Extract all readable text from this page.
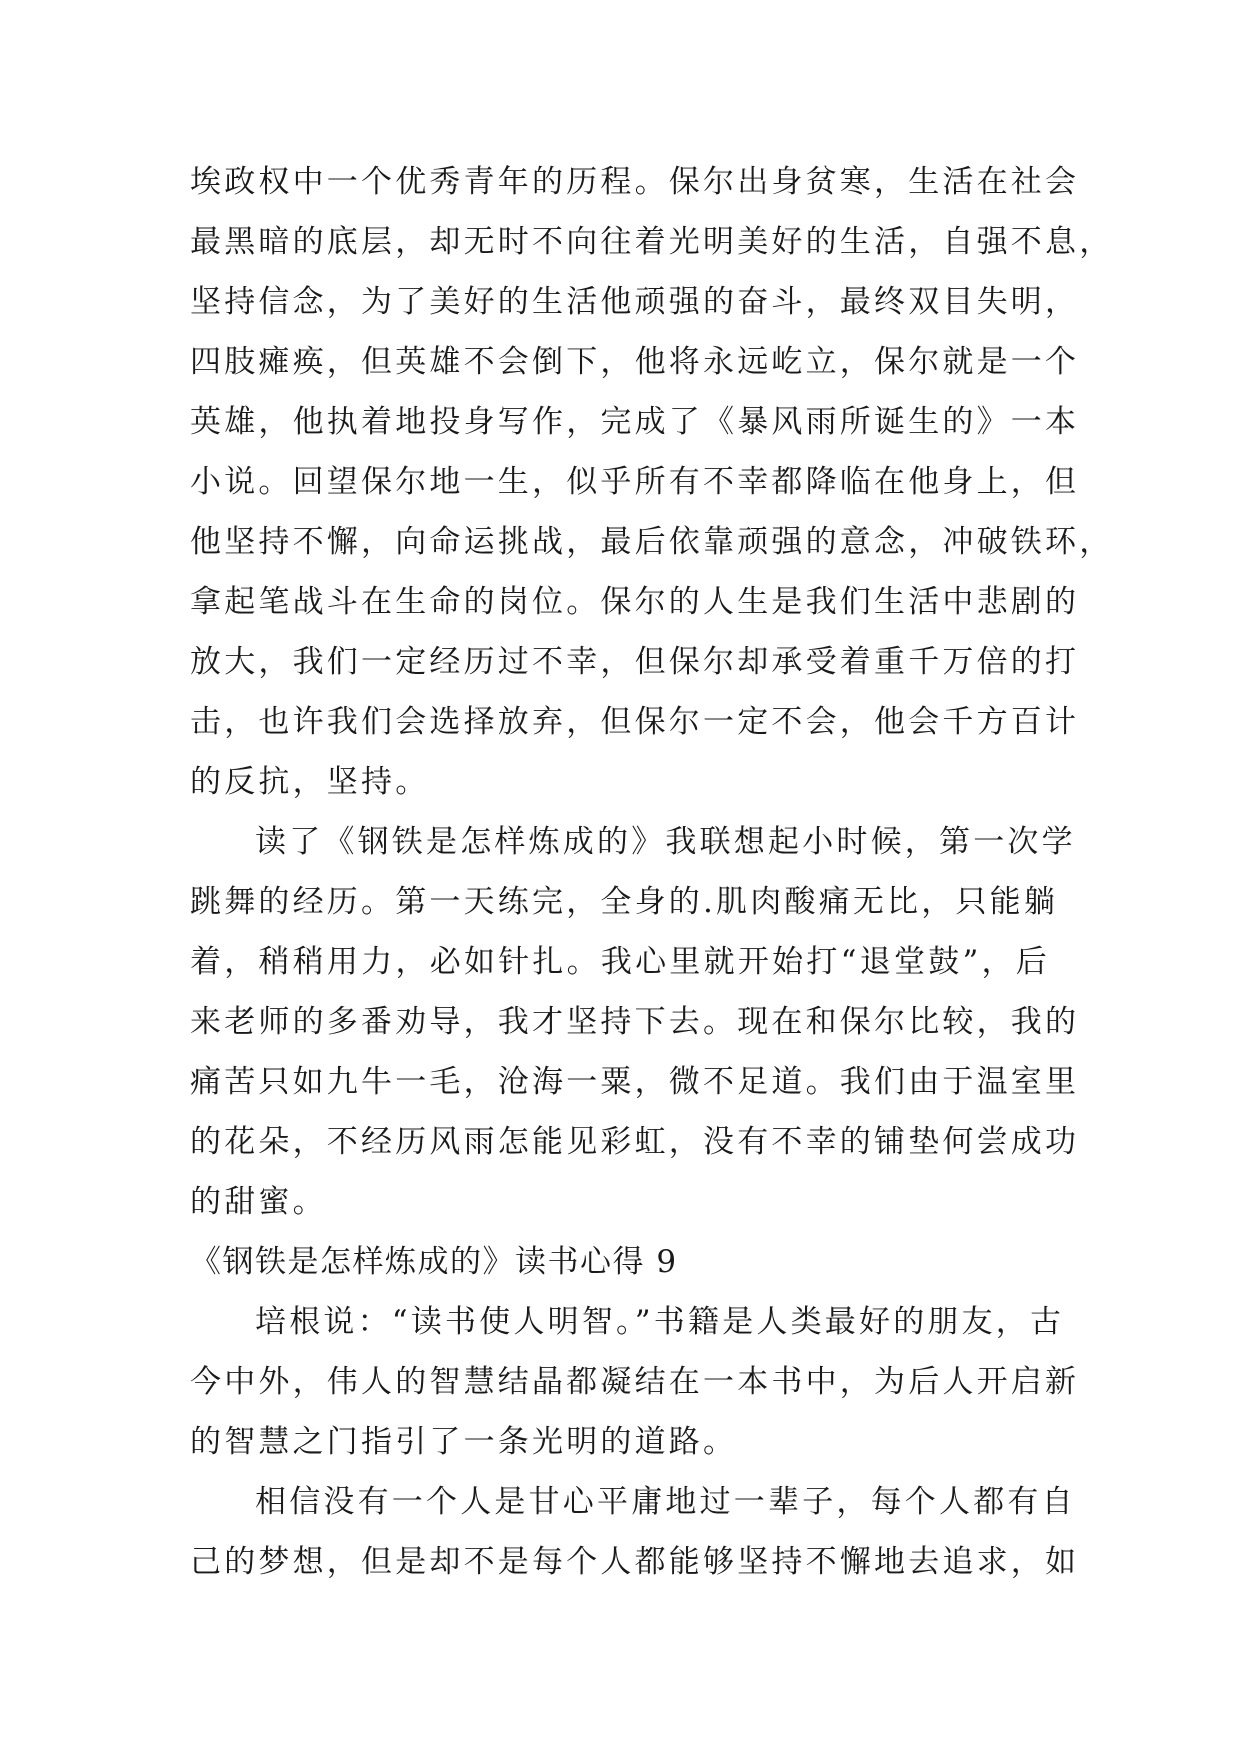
埃政权中一个优秀青年的历程。保尔出身贫寒，生活在社会
最黑暗的底层，却无时不向往着光明美好的生活，自强不息，
坚持信念，为了美好的生活他顽强的奋斗，最终双目失明，
四肢瘫痪，但英雄不会倒下，他将永远屹立，保尔就是一个
英雄，他执着地投身写作，完成了《暴风雨所诞生的》一本
小说。回望保尔地一生，似乎所有不幸都降临在他身上，但
他坚持不懈，向命运挑战，最后依靠顽强的意念，冲破铁环，
拿起笔战斗在生命的岗位。保尔的人生是我们生活中悲剧的
放大，我们一定经历过不幸，但保尔却承受着重千万倍的打
击，也许我们会选择放弃，但保尔一定不会，他会千方百计
的反抗，坚持。
读了《钢铁是怎样炼成的》我联想起小时候，第一次学
跳舞的经历。第一天练完，全身的.肌肉酸痛无比，只能躺
着，稍稍用力，必如针扎。我心里就开始打“退堂鼓”，后
来老师的多番劝导，我才坚持下去。现在和保尔比较，我的
痛苦只如九牛一毛，沧海一粟，微不足道。我们由于温室里
的花朵，不经历风雨怎能见彩虹，没有不幸的铺垫何尝成功
的甜蜜。
《钢铁是怎样炼成的》读书心得 9
培根说：“读书使人明智。”书籍是人类最好的朋友，古
今中外，伟人的智慧结晶都凝结在一本书中，为后人开启新
的智慧之门指引了一条光明的道路。
相信没有一个人是甘心平庸地过一辈子，每个人都有自
己的梦想，但是却不是每个人都能够坚持不懈地去追求，如
